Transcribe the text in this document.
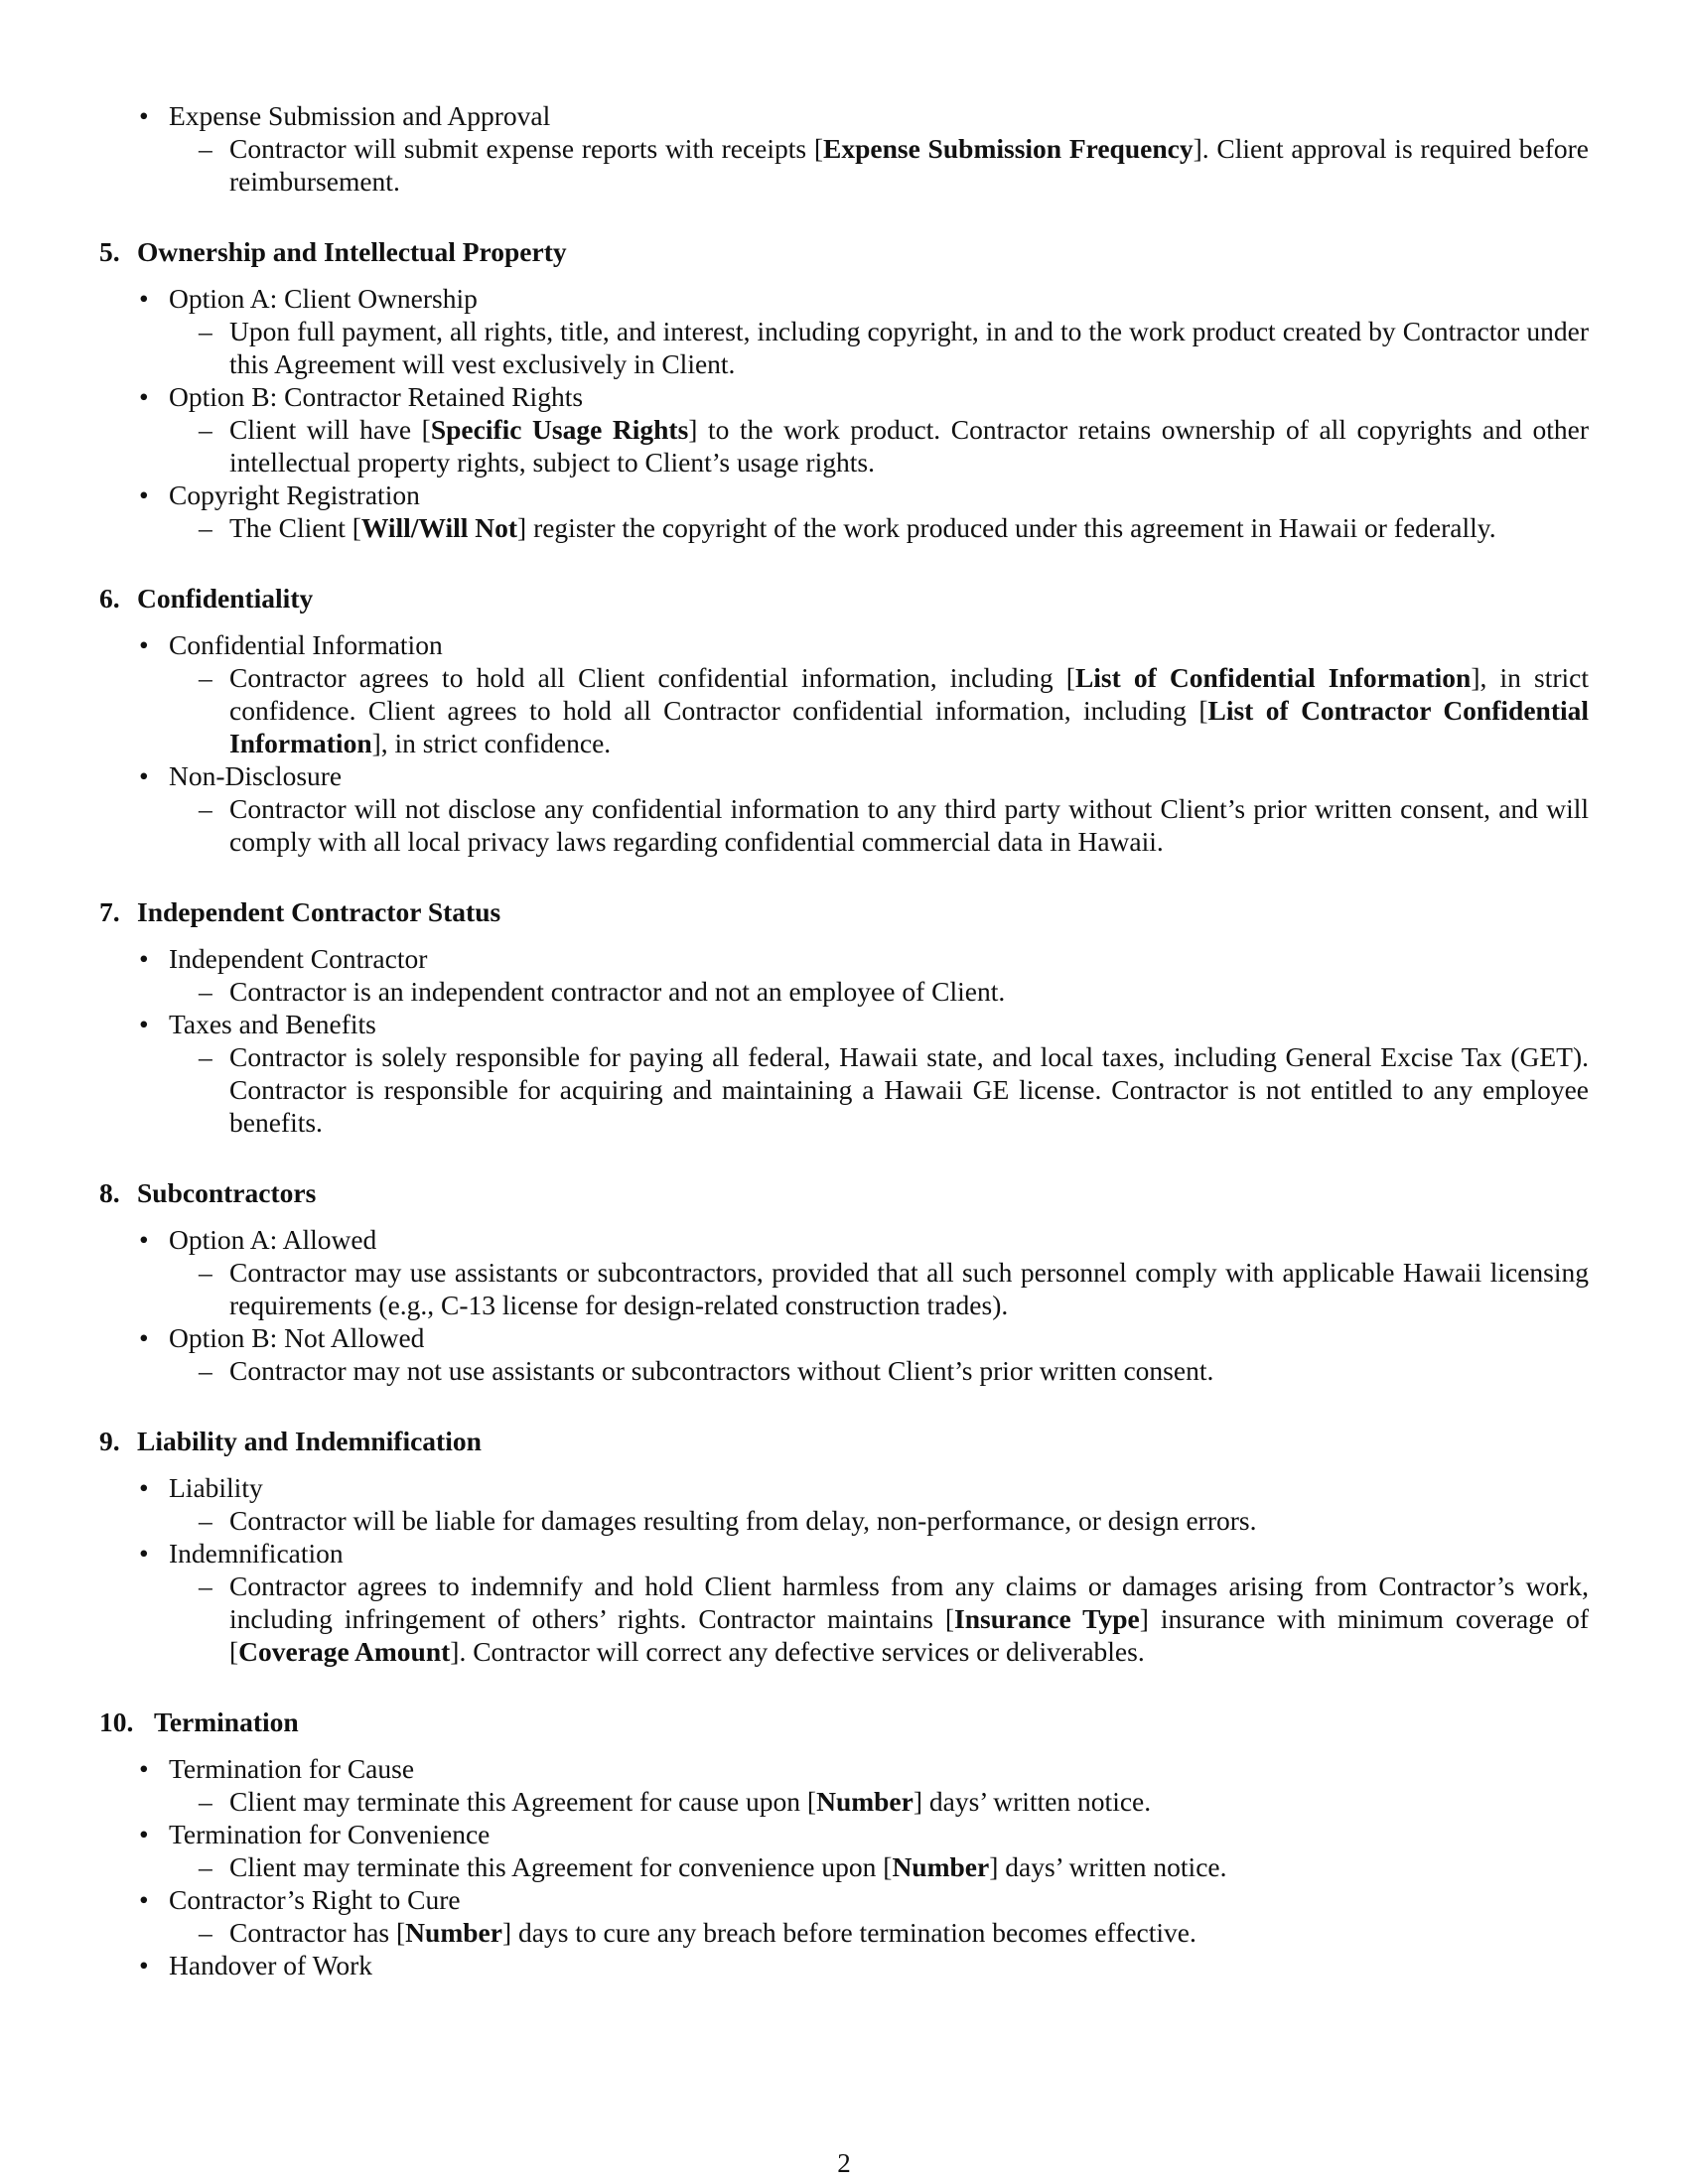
• Expense Submission and Approval
– Contractor will submit expense reports with receipts [Expense Submission Frequency]. Client approval is required before reimbursement.
5. Ownership and Intellectual Property
• Option A: Client Ownership
– Upon full payment, all rights, title, and interest, including copyright, in and to the work product created by Contractor under this Agreement will vest exclusively in Client.
• Option B: Contractor Retained Rights
– Client will have [Specific Usage Rights] to the work product. Contractor retains ownership of all copyrights and other intellectual property rights, subject to Client’s usage rights.
• Copyright Registration
– The Client [Will/Will Not] register the copyright of the work produced under this agreement in Hawaii or federally.
6. Confidentiality
• Confidential Information
– Contractor agrees to hold all Client confidential information, including [List of Confidential Information], in strict confidence. Client agrees to hold all Contractor confidential information, including [List of Contractor Confidential Information], in strict confidence.
• Non-Disclosure
– Contractor will not disclose any confidential information to any third party without Client’s prior written consent, and will comply with all local privacy laws regarding confidential commercial data in Hawaii.
7. Independent Contractor Status
• Independent Contractor
– Contractor is an independent contractor and not an employee of Client.
• Taxes and Benefits
– Contractor is solely responsible for paying all federal, Hawaii state, and local taxes, including General Excise Tax (GET). Contractor is responsible for acquiring and maintaining a Hawaii GE license. Contractor is not entitled to any employee benefits.
8. Subcontractors
• Option A: Allowed
– Contractor may use assistants or subcontractors, provided that all such personnel comply with applicable Hawaii licensing requirements (e.g., C-13 license for design-related construction trades).
• Option B: Not Allowed
– Contractor may not use assistants or subcontractors without Client’s prior written consent.
9. Liability and Indemnification
• Liability
– Contractor will be liable for damages resulting from delay, non-performance, or design errors.
• Indemnification
– Contractor agrees to indemnify and hold Client harmless from any claims or damages arising from Contractor’s work, including infringement of others’ rights. Contractor maintains [Insurance Type] insurance with minimum coverage of [Coverage Amount]. Contractor will correct any defective services or deliverables.
10. Termination
• Termination for Cause
– Client may terminate this Agreement for cause upon [Number] days’ written notice.
• Termination for Convenience
– Client may terminate this Agreement for convenience upon [Number] days’ written notice.
• Contractor’s Right to Cure
– Contractor has [Number] days to cure any breach before termination becomes effective.
• Handover of Work
2
